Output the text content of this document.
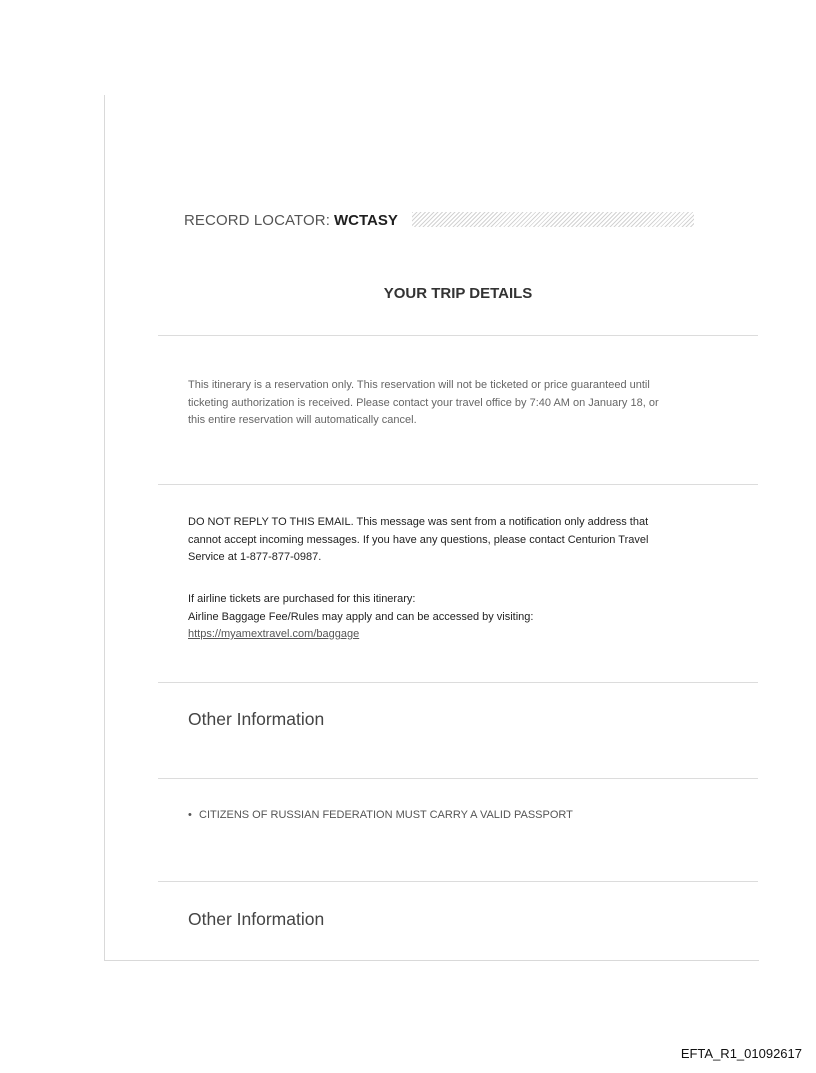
RECORD LOCATOR: WCTASY
YOUR TRIP DETAILS
This itinerary is a reservation only. This reservation will not be ticketed or price guaranteed until
ticketing authorization is received. Please contact your travel office by 7:40 AM on January 18, or
this entire reservation will automatically cancel.
DO NOT REPLY TO THIS EMAIL. This message was sent from a notification only address that
cannot accept incoming messages. If you have any questions, please contact Centurion Travel
Service at 1-877-877-0987.
If airline tickets are purchased for this itinerary:
Airline Baggage Fee/Rules may apply and can be accessed by visiting:
https://myamextravel.com/baggage
Other Information
• CITIZENS OF RUSSIAN FEDERATION MUST CARRY A VALID PASSPORT
Other Information
EFTA_R1_01092617
